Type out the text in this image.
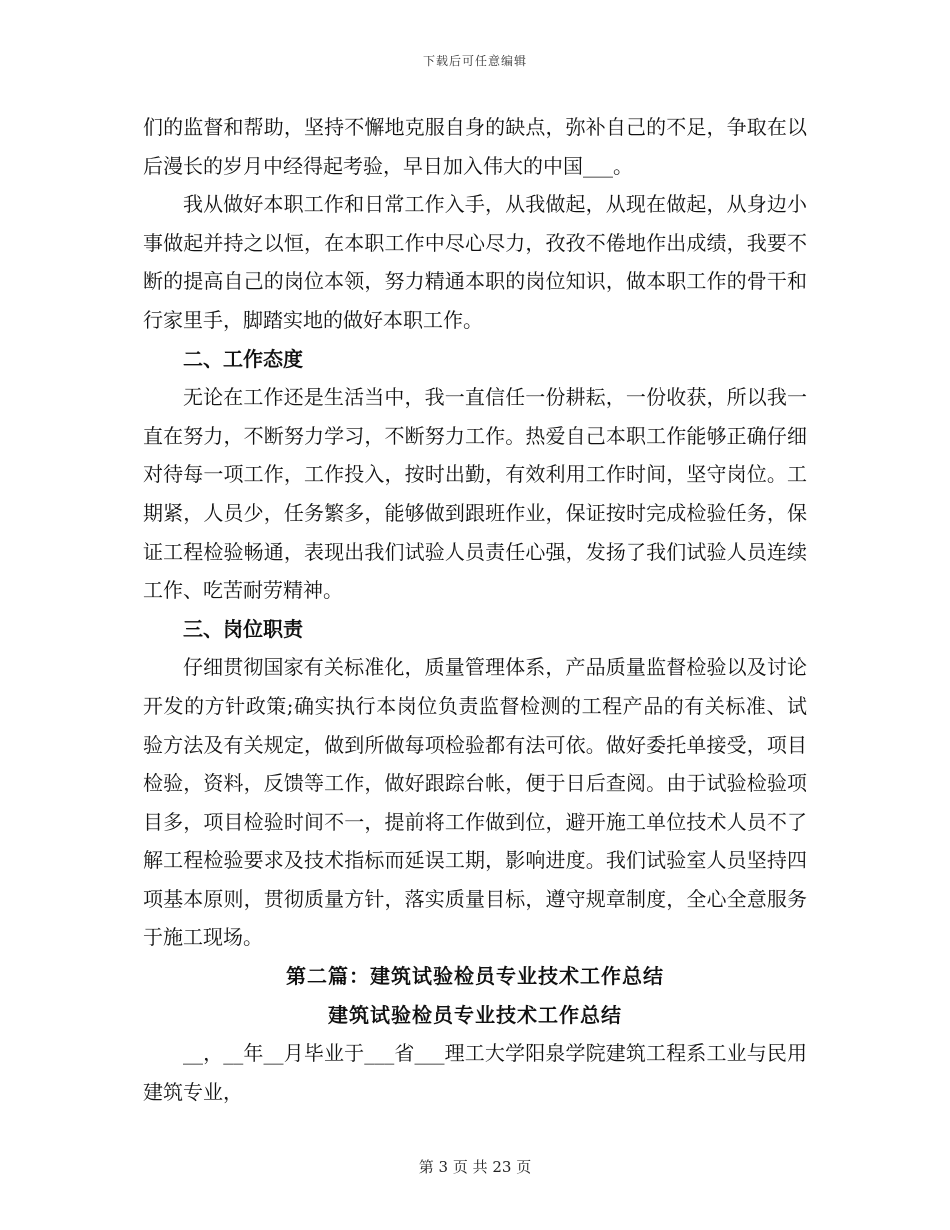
下载后可任意编辑

们的监督和帮助，坚持不懈地克服自身的缺点，弥补自己的不足，争取在以后漫长的岁月中经得起考验，早日加入伟大的中国___。

我从做好本职工作和日常工作入手，从我做起，从现在做起，从身边小事做起并持之以恒，在本职工作中尽心尽力，孜孜不倦地作出成绩，我要不断的提高自己的岗位本领，努力精通本职的岗位知识，做本职工作的骨干和行家里手，脚踏实地的做好本职工作。

二、工作态度

无论在工作还是生活当中，我一直信任一份耕耘，一份收获，所以我一直在努力，不断努力学习，不断努力工作。热爱自己本职工作能够正确仔细对待每一项工作，工作投入，按时出勤，有效利用工作时间，坚守岗位。工期紧，人员少，任务繁多，能够做到跟班作业，保证按时完成检验任务，保证工程检验畅通，表现出我们试验人员责任心强，发扬了我们试验人员连续工作、吃苦耐劳精神。

三、岗位职责

仔细贯彻国家有关标准化，质量管理体系，产品质量监督检验以及讨论开发的方针政策;确实执行本岗位负责监督检测的工程产品的有关标准、试验方法及有关规定，做到所做每项检验都有法可依。做好委托单接受，项目检验，资料，反馈等工作，做好跟踪台帐，便于日后查阅。由于试验检验项目多，项目检验时间不一，提前将工作做到位，避开施工单位技术人员不了解工程检验要求及技术指标而延误工期，影响进度。我们试验室人员坚持四项基本原则，贯彻质量方针，落实质量目标，遵守规章制度，全心全意服务于施工现场。

第二篇：建筑试验检员专业技术工作总结

建筑试验检员专业技术工作总结

__，__年__月毕业于___省___理工大学阳泉学院建筑工程系工业与民用建筑专业，

第 3 页 共 23 页
